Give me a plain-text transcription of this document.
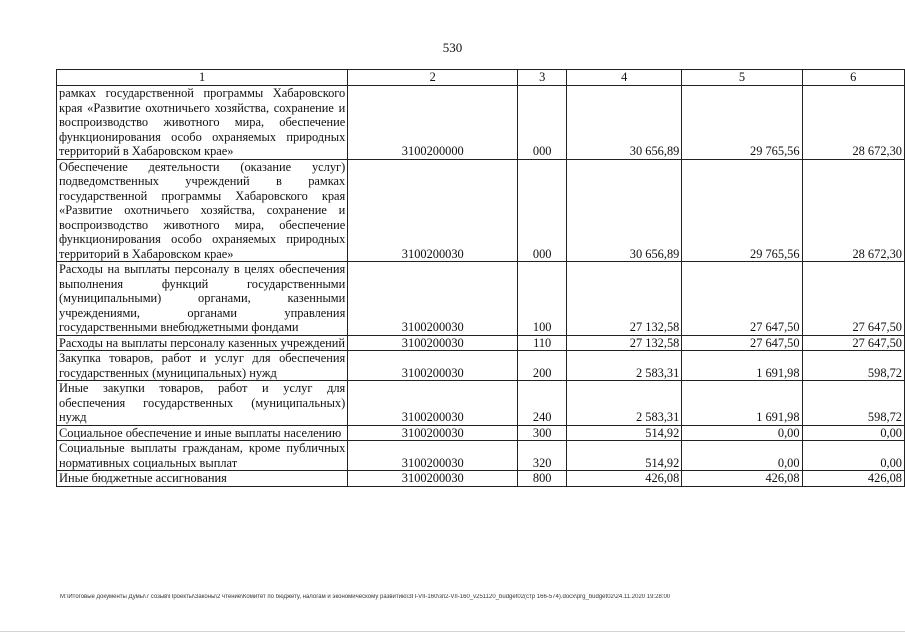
530
1	2	3	4	5	6
рамках государственной программы Хабаровского края «Развитие охотничьего хозяйства, сохранение и воспроизводство животного мира, обеспечение функционирования особо охраняемых природных территорий в Хабаровском крае»	3100200000	000	30 656,89	29 765,56	28 672,30
Обеспечение деятельности (оказание услуг) подведомственных учреждений в рамках государственной программы Хабаровского края «Развитие охотничьего хозяйства, сохранение и воспроизводство животного мира, обеспечение функционирования особо охраняемых природных территорий в Хабаровском крае»	3100200030	000	30 656,89	29 765,56	28 672,30
Расходы на выплаты персоналу в целях обеспечения выполнения функций государственными (муниципальными) органами, казенными учреждениями, органами управления государственными внебюджетными фондами	3100200030	100	27 132,58	27 647,50	27 647,50
Расходы на выплаты персоналу казенных учреждений	3100200030	110	27 132,58	27 647,50	27 647,50
Закупка товаров, работ и услуг для обеспечения государственных (муниципальных) нужд	3100200030	200	2 583,31	1 691,98	598,72
Иные закупки товаров, работ и услуг для обеспечения государственных (муниципальных) нужд	3100200030	240	2 583,31	1 691,98	598,72
Социальное обеспечение и иные выплаты населению	3100200030	300	514,92	0,00	0,00
Социальные выплаты гражданам, кроме публичных нормативных социальных выплат	3100200030	320	514,92	0,00	0,00
Иные бюджетные ассигнования	3100200030	800	426,08	426,08	426,08
M:\Итоговые документы Думы\7 созыв\Проекты\Законы\2 чтение\Комитет по бюджету, налогам и экономическому развитию\ЗП-VII-160\зп2-VII-160_v251120_budget02(стр 166-574).docx\prg_budget02\24.11.2020 19:28:00
